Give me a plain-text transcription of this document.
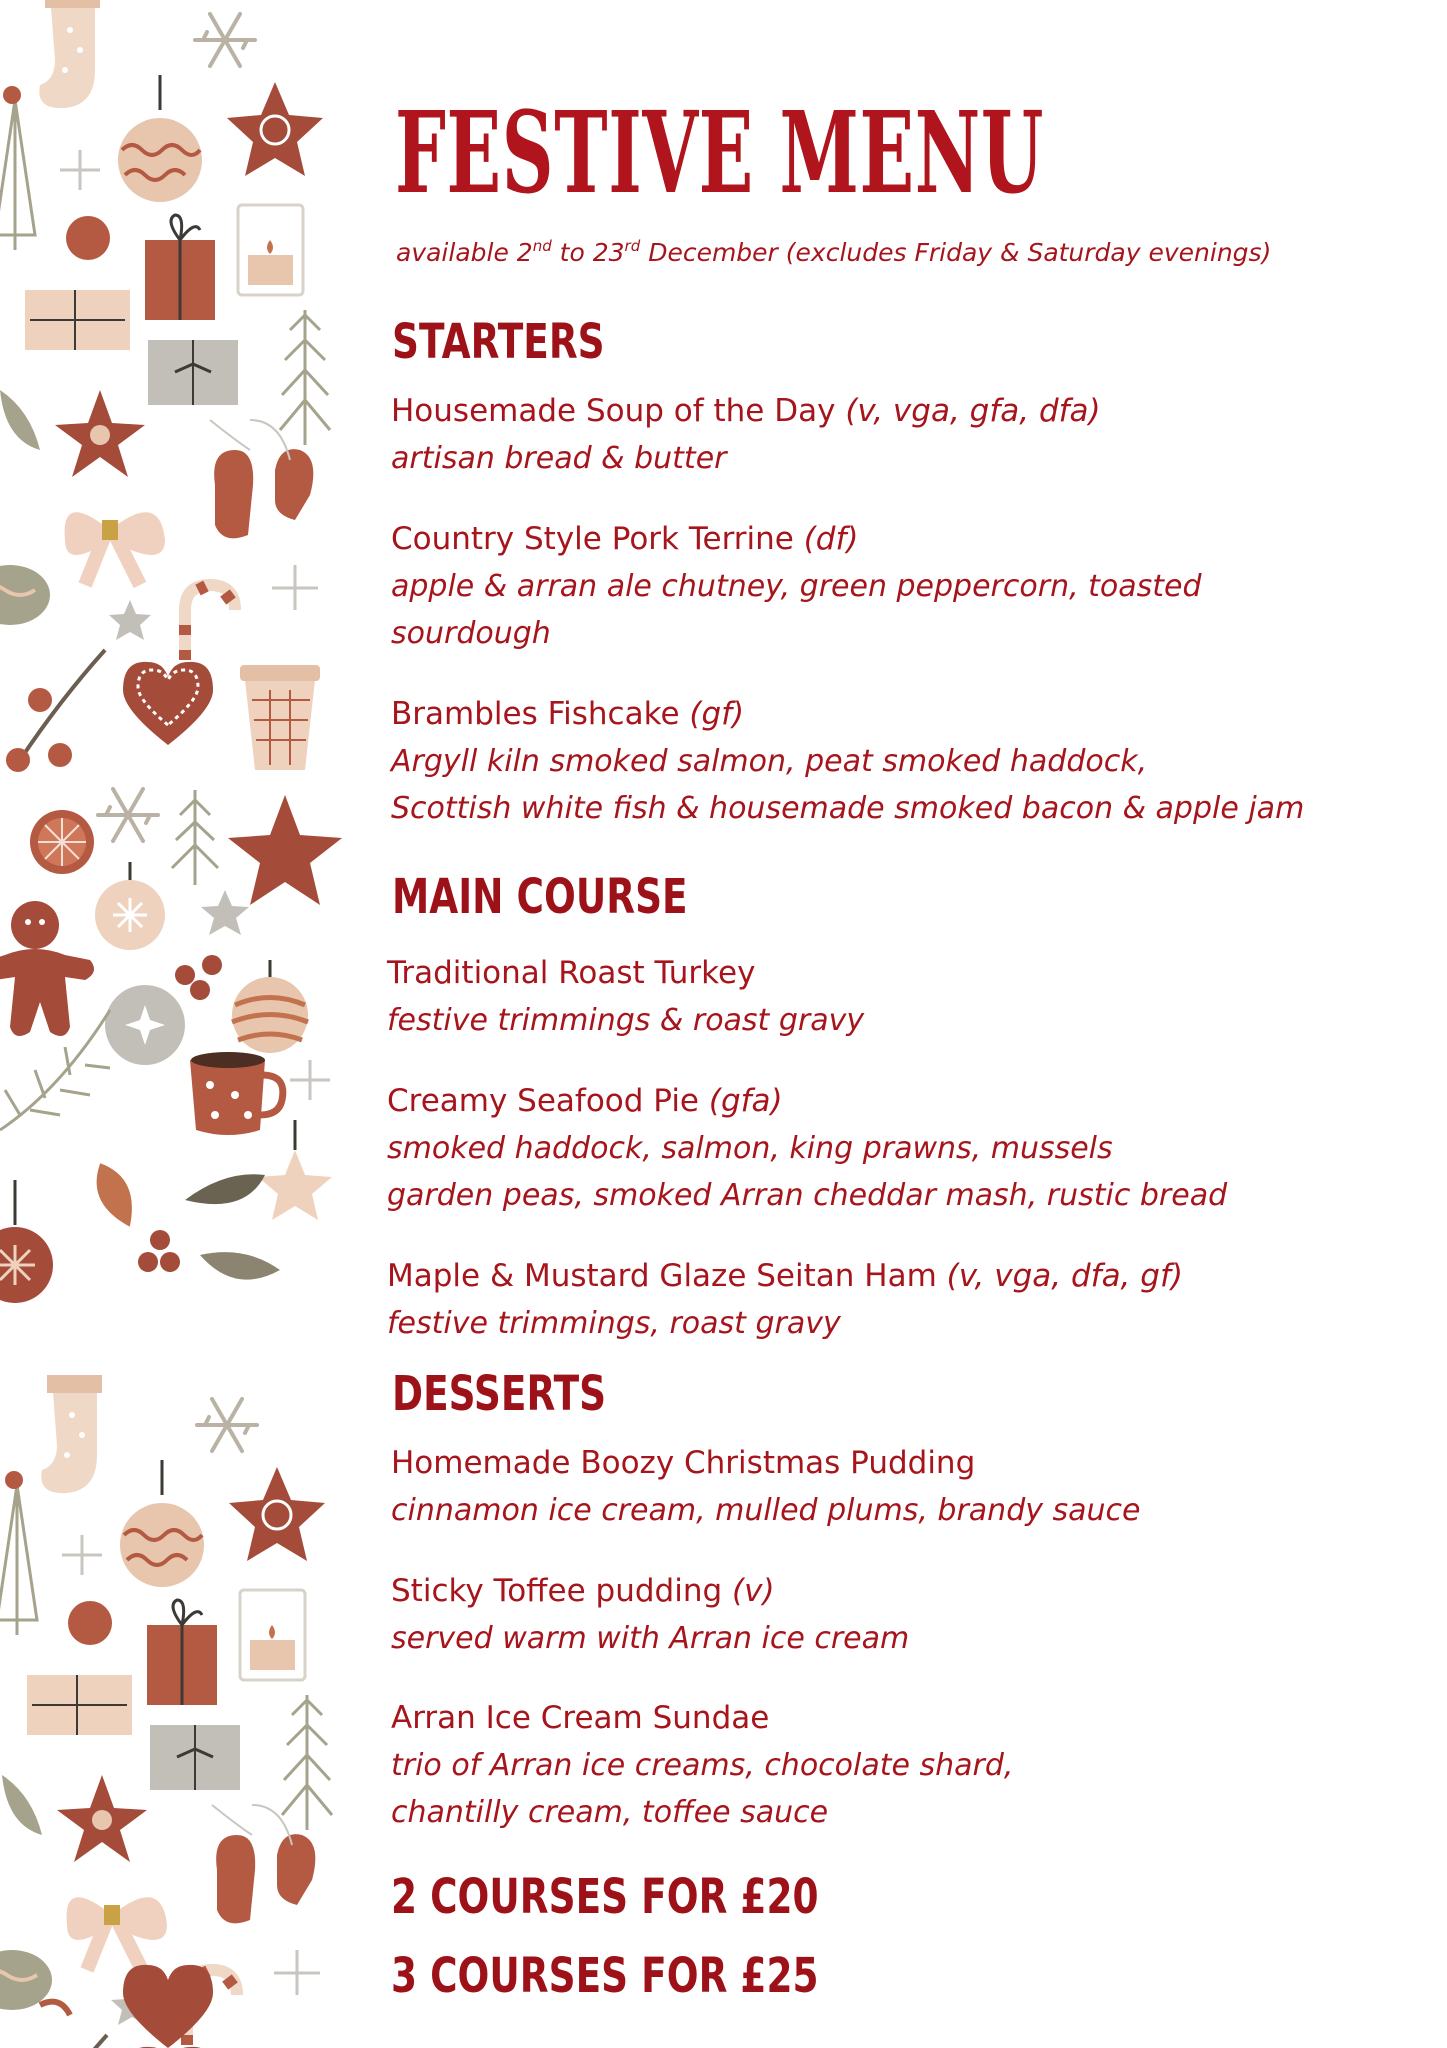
FESTIVE MENU
available 2nd to 23rd December (excludes Friday & Saturday evenings)
STARTERS
Housemade Soup of the Day (v, vga, gfa, dfa)
artisan bread & butter
Country Style Pork Terrine (df)
apple & arran ale chutney, green peppercorn, toasted
sourdough
Brambles Fishcake (gf)
Argyll kiln smoked salmon, peat smoked haddock,
Scottish white fish & housemade smoked bacon & apple jam
MAIN COURSE
Traditional Roast Turkey
festive trimmings & roast gravy
Creamy Seafood Pie (gfa)
smoked haddock, salmon, king prawns, mussels
garden peas, smoked Arran cheddar mash, rustic bread
Maple & Mustard Glaze Seitan Ham (v, vga, dfa, gf)
festive trimmings, roast gravy
DESSERTS
Homemade Boozy Christmas Pudding
cinnamon ice cream, mulled plums, brandy sauce
Sticky Toffee pudding (v)
served warm with Arran ice cream
Arran Ice Cream Sundae
trio of Arran ice creams, chocolate shard,
chantilly cream, toffee sauce
2 COURSES FOR £20
3 COURSES FOR £25
